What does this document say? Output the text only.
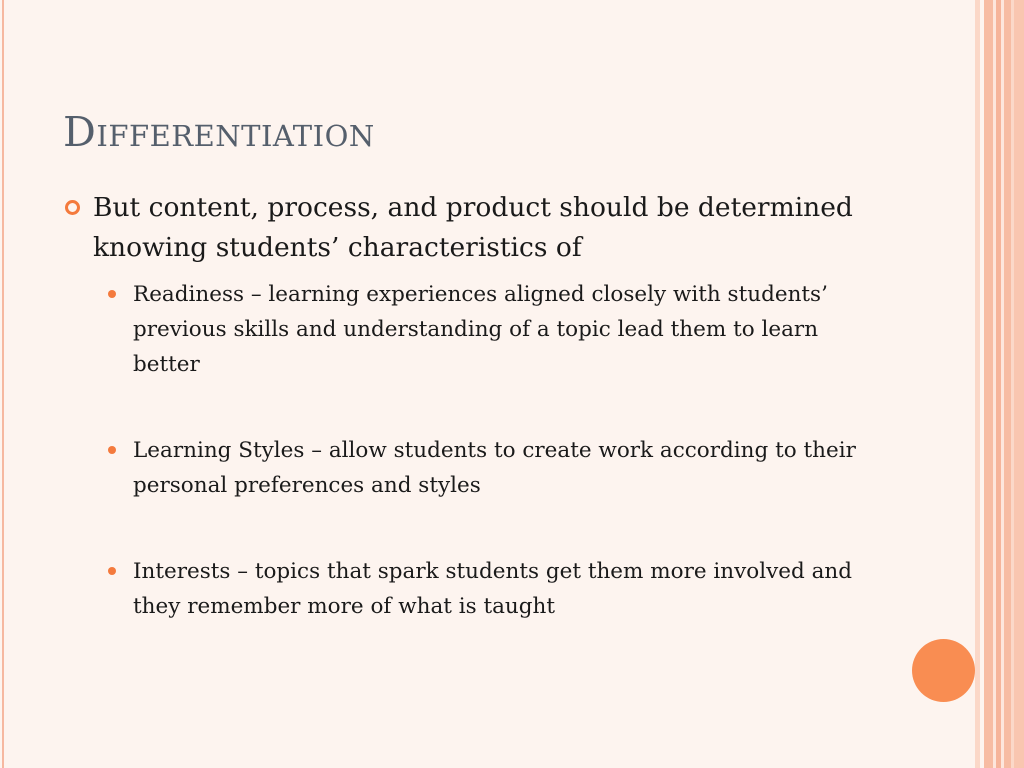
Differentiation
But content, process, and product should be determined knowing students’ characteristics of
Readiness – learning experiences aligned closely with students’ previous skills and understanding of a topic lead them to learn better
Learning Styles – allow students to create work according to their personal preferences and styles
Interests – topics that spark students get them more involved and they remember more of what is taught
